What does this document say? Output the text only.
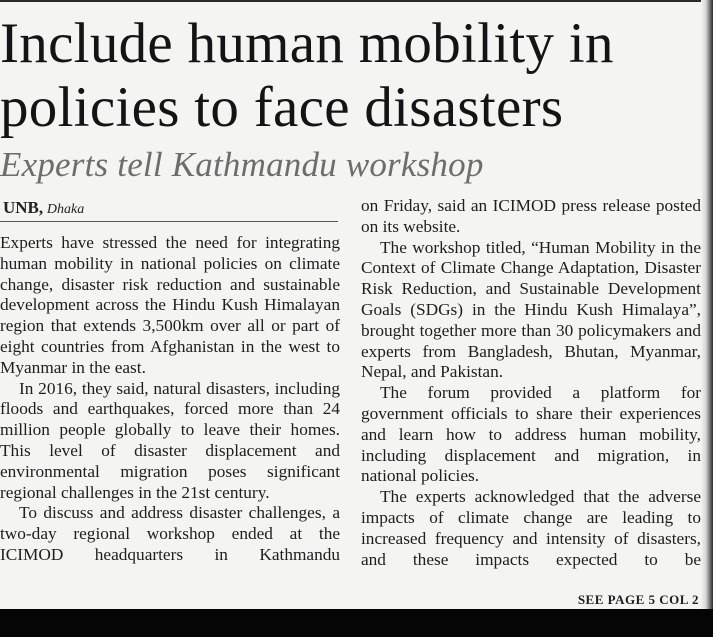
Include human mobility in
policies to face disasters
Experts tell Kathmandu workshop
UNB, Dhaka

Experts have stressed the need for integrating human mobility in national policies on climate change, disaster risk reduction and sustainable development across the Hindu Kush Himalayan region that extends 3,500km over all or part of eight countries from Afghanistan in the west to Myanmar in the east.

In 2016, they said, natural disasters, including floods and earthquakes, forced more than 24 million people globally to leave their homes. This level of disaster displacement and environmental migration poses significant regional challenges in the 21st century.

To discuss and address disaster challenges, a two-day regional workshop ended at the ICIMOD headquarters in Kathmandu

on Friday, said an ICIMOD press release posted on its website.

The workshop titled, “Human Mobility in the Context of Climate Change Adaptation, Disaster Risk Reduction, and Sustainable Development Goals (SDGs) in the Hindu Kush Himalaya”, brought together more than 30 policymakers and experts from Bangladesh, Bhutan, Myanmar, Nepal, and Pakistan.

The forum provided a platform for government officials to share their experiences and learn how to address human mobility, including displacement and migration, in national policies.

The experts acknowledged that the adverse impacts of climate change are leading to increased frequency and intensity of disasters, and these impacts expected to be

SEE PAGE 5 COL 2
